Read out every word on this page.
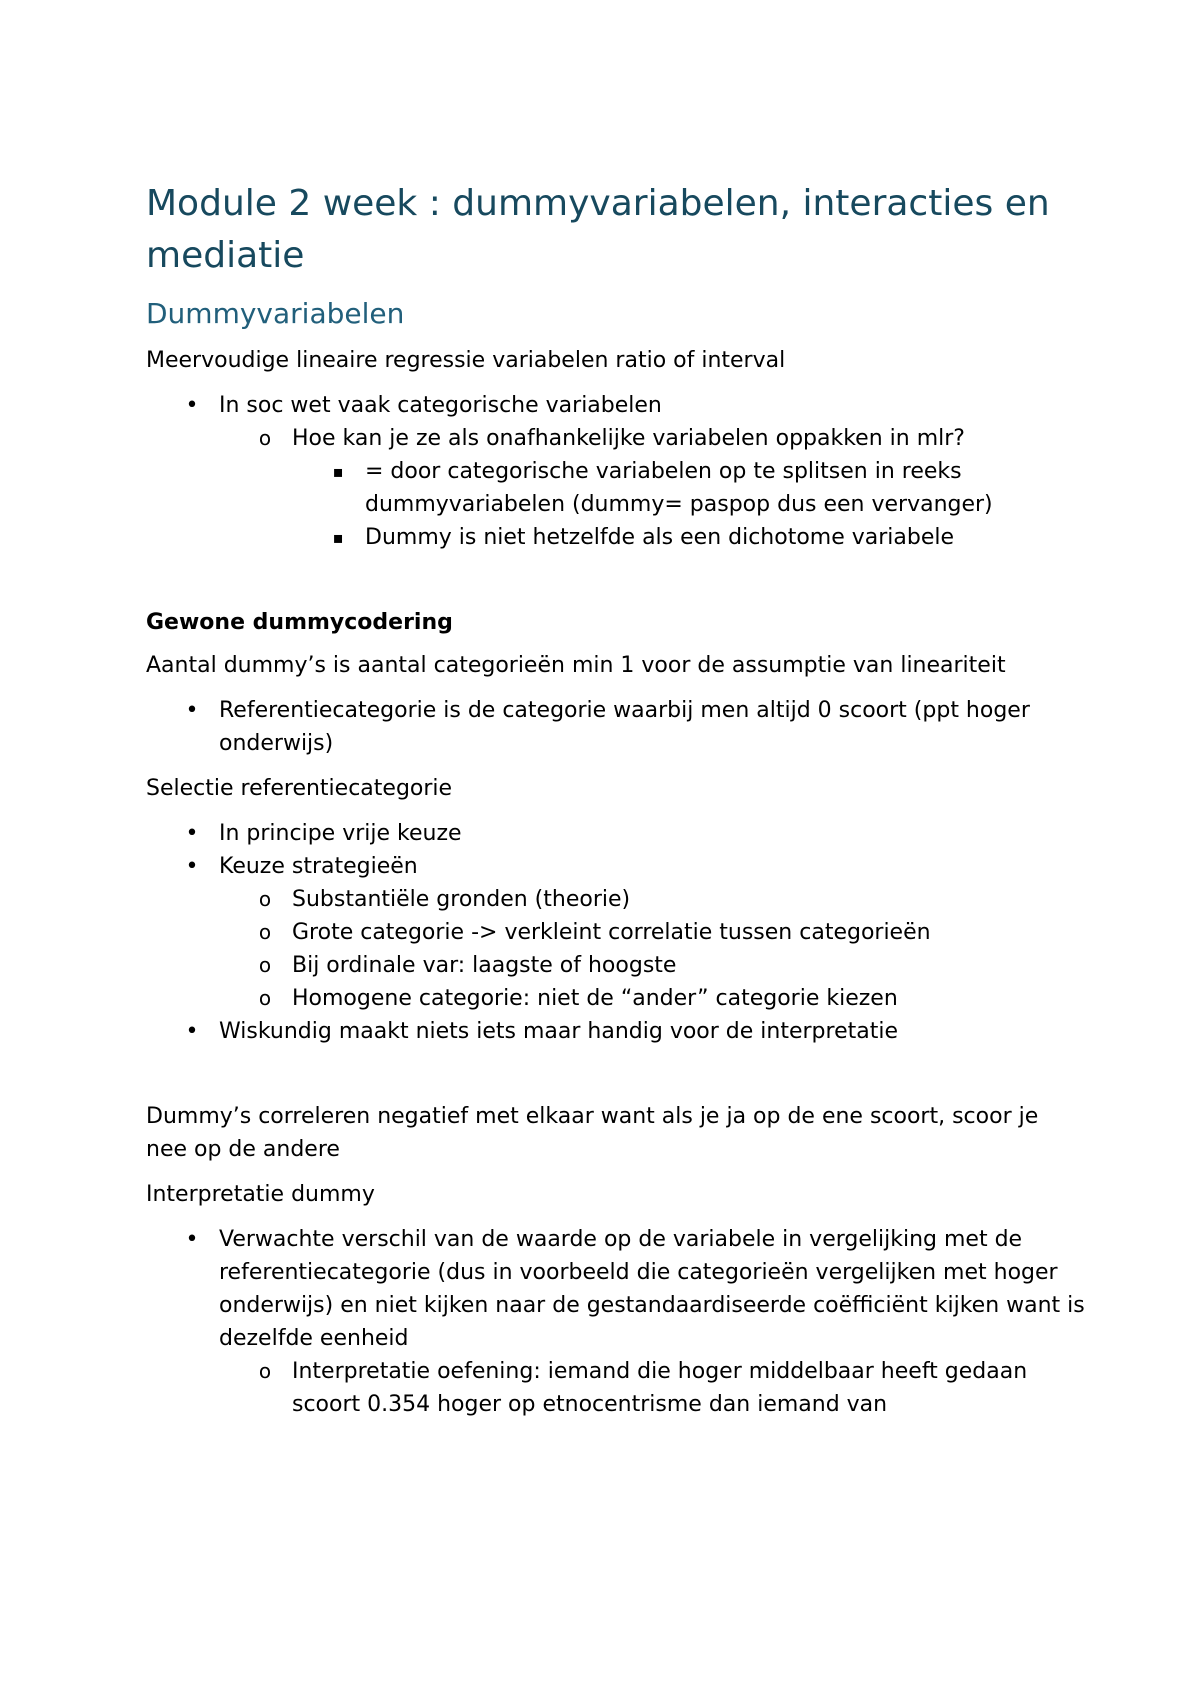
Module 2 week : dummyvariabelen, interacties en mediatie
Dummyvariabelen

Meervoudige lineaire regressie variabelen ratio of interval

• In soc wet vaak categorische variabelen
o Hoe kan je ze als onafhankelijke variabelen oppakken in mlr?
▪ = door categorische variabelen op te splitsen in reeks dummyvariabelen (dummy= paspop dus een vervanger)
▪ Dummy is niet hetzelfde als een dichotome variabele
Gewone dummycodering

Aantal dummy’s is aantal categorieën min 1 voor de assumptie van lineariteit

• Referentiecategorie is de categorie waarbij men altijd 0 scoort (ppt hoger onderwijs)

Selectie referentiecategorie

• In principe vrije keuze
• Keuze strategieën
o Substantiële gronden (theorie)
o Grote categorie -> verkleint correlatie tussen categorieën
o Bij ordinale var: laagste of hoogste
o Homogene categorie: niet de “ander” categorie kiezen
• Wiskundig maakt niets iets maar handig voor de interpretatie

Dummy’s correleren negatief met elkaar want als je ja op de ene scoort, scoor je nee op de andere

Interpretatie dummy

• Verwachte verschil van de waarde op de variabele in vergelijking met de referentiecategorie (dus in voorbeeld die categorieën vergelijken met hoger onderwijs) en niet kijken naar de gestandaardiseerde coëfficiënt kijken want is dezelfde eenheid
o Interpretatie oefening: iemand die hoger middelbaar heeft gedaan scoort 0.354 hoger op etnocentrisme dan iemand van
